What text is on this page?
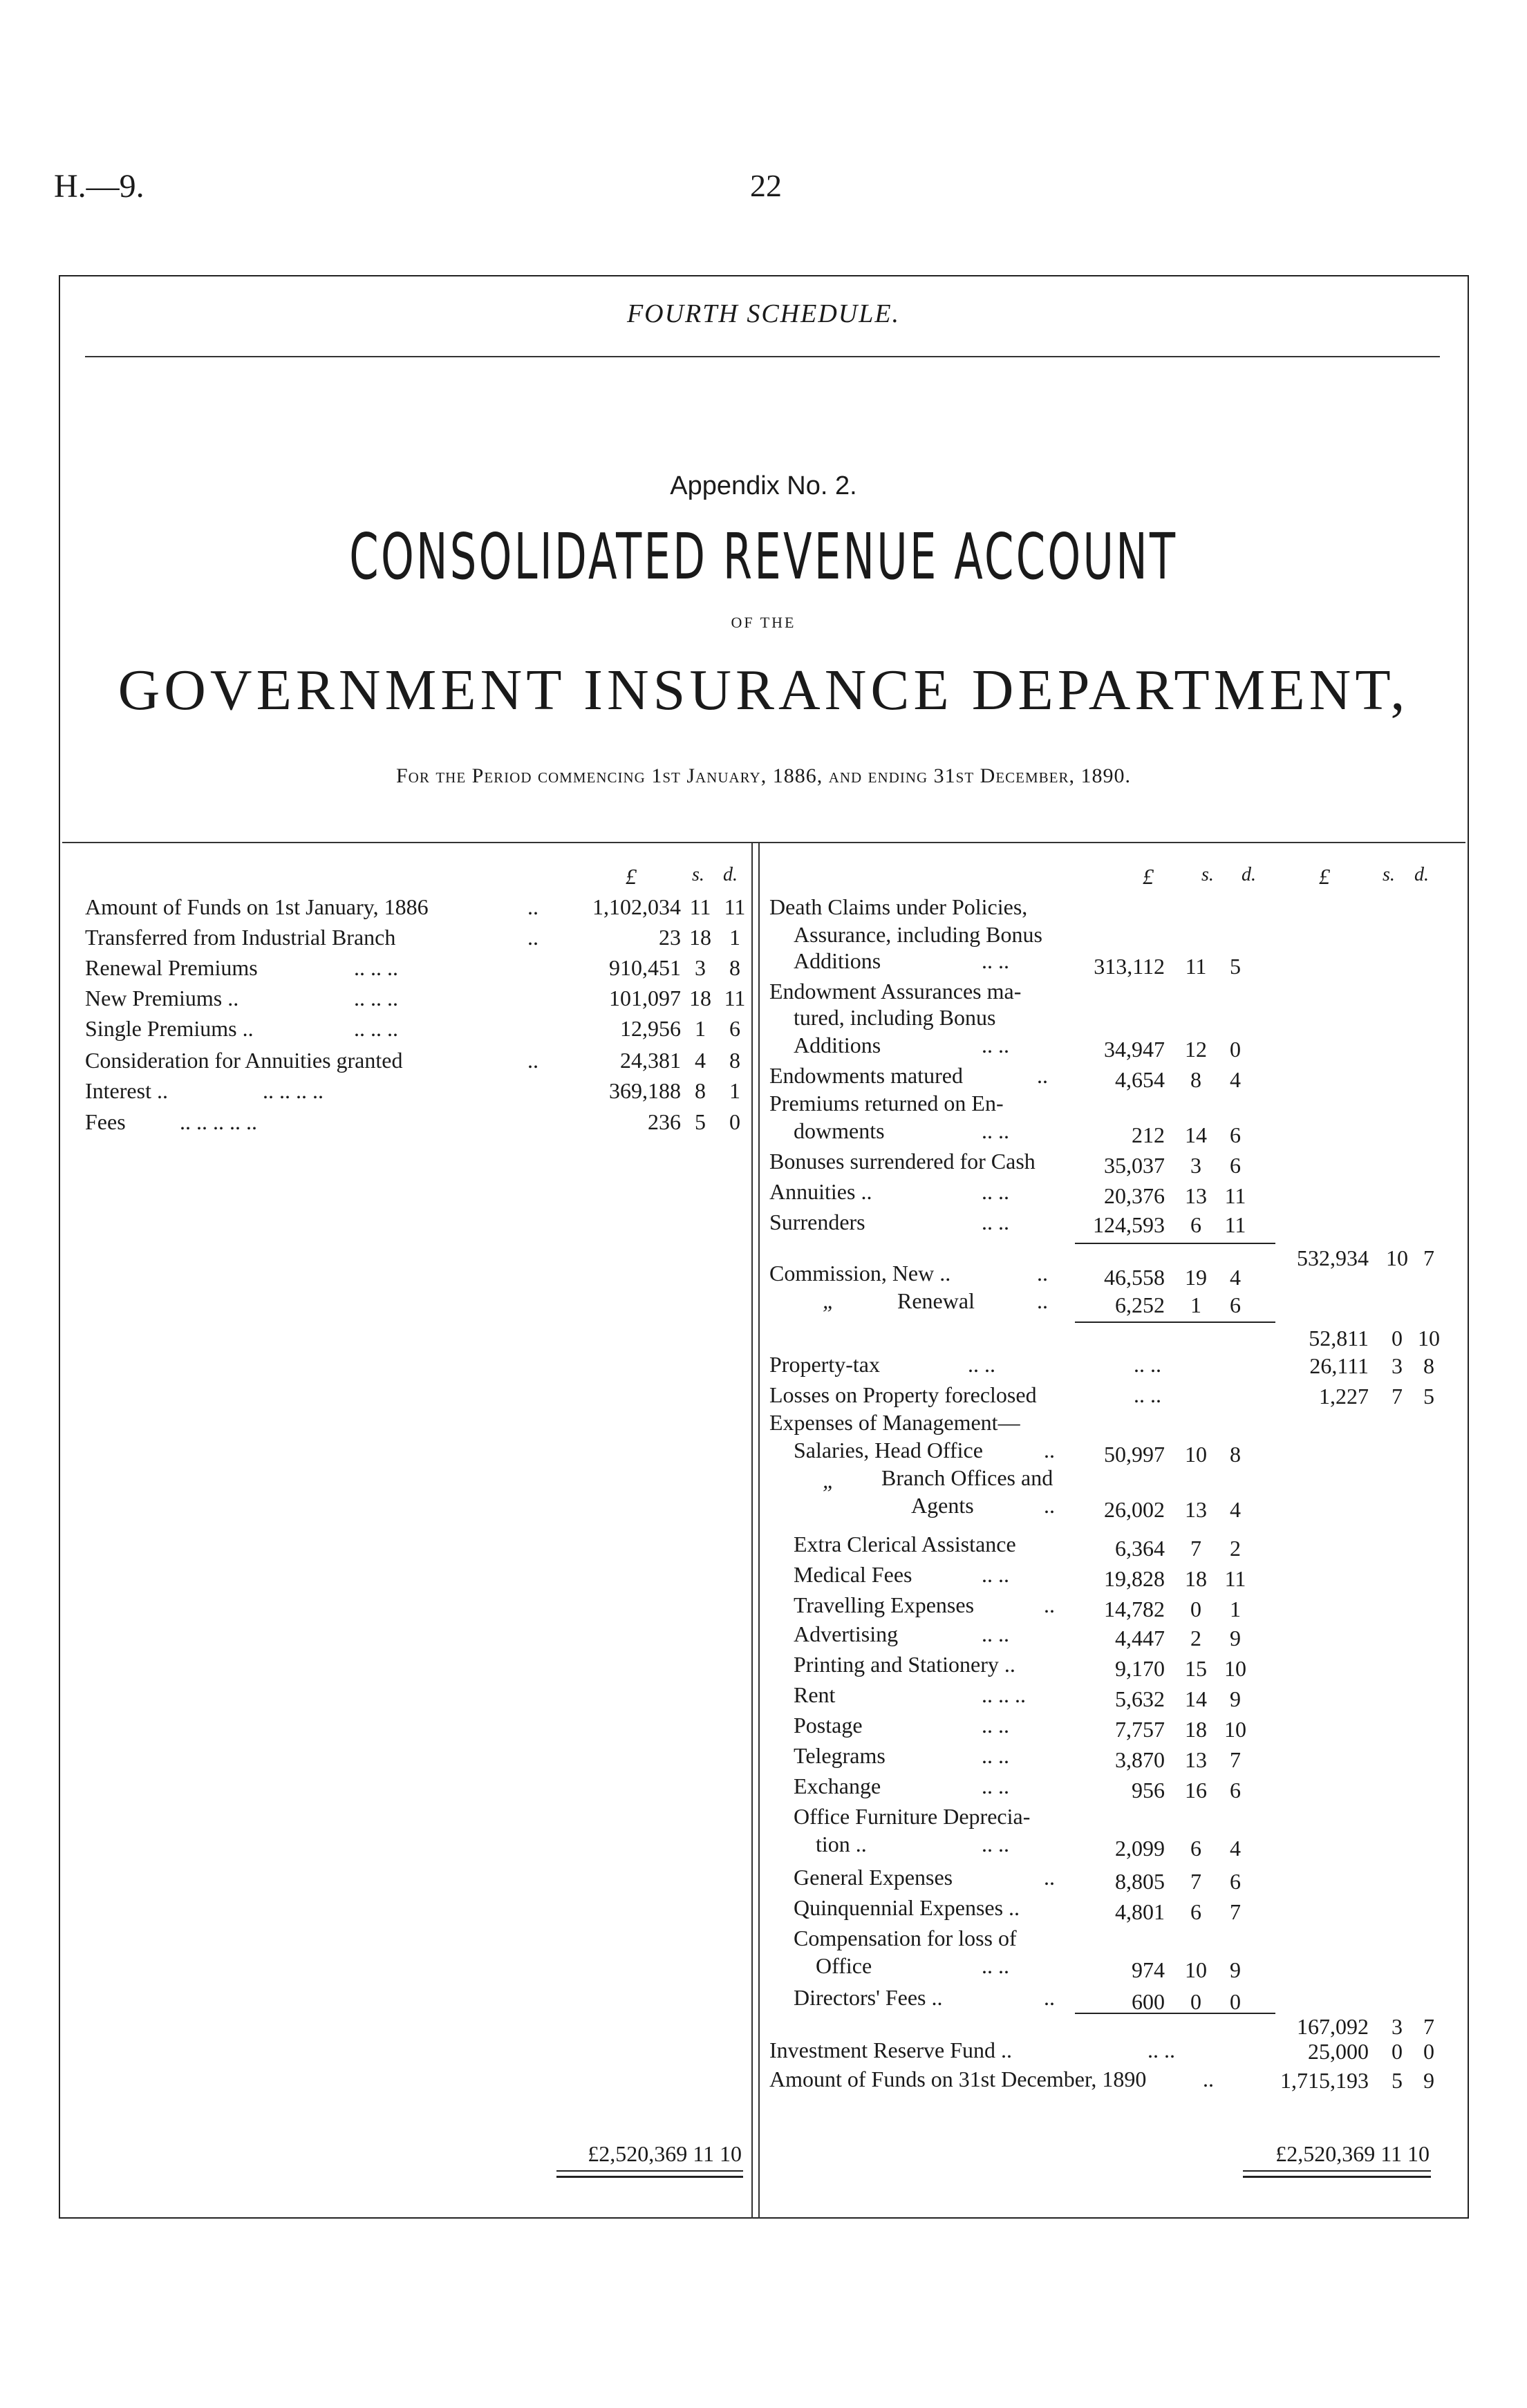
H.—9.	22
FOURTH SCHEDULE.
Appendix No. 2.
CONSOLIDATED REVENUE ACCOUNT
OF THE
GOVERNMENT INSURANCE DEPARTMENT,
For the Period commencing 1st January, 1886, and ending 31st December, 1890.
£	s. d.
Amount of Funds on 1st January, 1886	..	1,102,034 11 11
Transferred from Industrial Branch	..	23 18 1
Renewal Premiums	.. .. ..	910,451 3	8
New Premiums ..	.. .. ..	101,097 18 11
Single Premiums ..	.. .. ..	12,956 1	6
Consideration for Annuities granted	..	24,381 4	8
Interest ..	.. .. .. ..	369,188 8	1
Fees .. .. .. .. ..	236 5	0
£2,520,369 11 10
£ s. d.	£	s. d.
Death Claims under Policies,
Assurance, including Bonus
Additions	.. ..	313,112 11	5
Endowment Assurances ma-
tured, including Bonus
Additions	.. ..	34,947 12	0
Endowments matured	..	4,654	8	4
Premiums returned on En-
dowments	.. ..	212 14	6
Bonuses surrendered for Cash	35,037	3	6
Annuities ..	.. ..	20,376 13 11
Surrenders	.. ..	124,593	6	11
532,934 10 7
Commission, New ..	..	46,558 19	4
„	Renewal	..	6,252	1	6
52,811	0 10
Property-tax	.. ..	.. ..	26,111	3 8
Losses on Property foreclosed	.. ..	1,227	7 5
Expenses of Management—
Salaries, Head Office	..	50,997 10	8
„ Branch Offices and
Agents	..	26,002 13	4
Extra Clerical Assistance	6,364	7	2
Medical Fees	.. ..	19,828 18 11
Travelling Expenses	..	14,782	0	1
Advertising	.. ..	4,447	2	9
Printing and Stationery ..	9,170 15 10
Rent	.. .. ..	5,632 14	9
Postage	.. ..	7,757 18 10
Telegrams	.. ..	3,870 13	7
Exchange	.. ..	956 16	6
Office Furniture Deprecia-
tion ..	.. ..	2,099	6	4
General Expenses	..	8,805	7	6
Quinquennial Expenses ..	4,801	6	7
Compensation for loss of
Office	.. ..	974 10	9
Directors' Fees ..	..	600	0	0
167,092	3 7
Investment Reserve Fund ..	.. ..	25,000	0 0
Amount of Funds on 31st December, 1890	..	1,715,193	5 9
£2,520,369 11 10
